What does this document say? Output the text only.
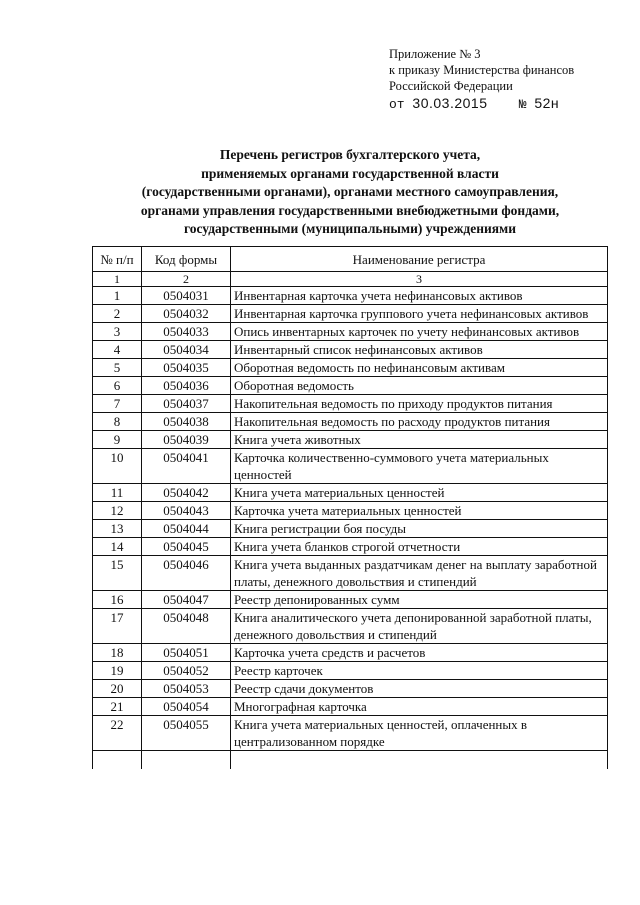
Приложение № 3
к приказу Министерства финансов
Российской Федерации
от 30.03.2015 № 52н
Перечень регистров бухгалтерского учета,
применяемых органами государственной власти
(государственными органами), органами местного самоуправления,
органами управления государственными внебюджетными фондами,
государственными (муниципальными) учреждениями
№ п/п	Код формы	Наименование регистра
1	2	3
1	0504031	Инвентарная карточка учета нефинансовых активов
2	0504032	Инвентарная карточка группового учета нефинансовых активов
3	0504033	Опись инвентарных карточек по учету нефинансовых активов
4	0504034	Инвентарный список нефинансовых активов
5	0504035	Оборотная ведомость по нефинансовым активам
6	0504036	Оборотная ведомость
7	0504037	Накопительная ведомость по приходу продуктов питания
8	0504038	Накопительная ведомость по расходу продуктов питания
9	0504039	Книга учета животных
10	0504041	Карточка количественно-суммового учета материальных ценностей
11	0504042	Книга учета материальных ценностей
12	0504043	Карточка учета материальных ценностей
13	0504044	Книга регистрации боя посуды
14	0504045	Книга учета бланков строгой отчетности
15	0504046	Книга учета выданных раздатчикам денег на выплату заработной платы, денежного довольствия и стипендий
16	0504047	Реестр депонированных сумм
17	0504048	Книга аналитического учета депонированной заработной платы, денежного довольствия и стипендий
18	0504051	Карточка учета средств и расчетов
19	0504052	Реестр карточек
20	0504053	Реестр сдачи документов
21	0504054	Многографная карточка
22	0504055	Книга учета материальных ценностей, оплаченных в централизованном порядке
